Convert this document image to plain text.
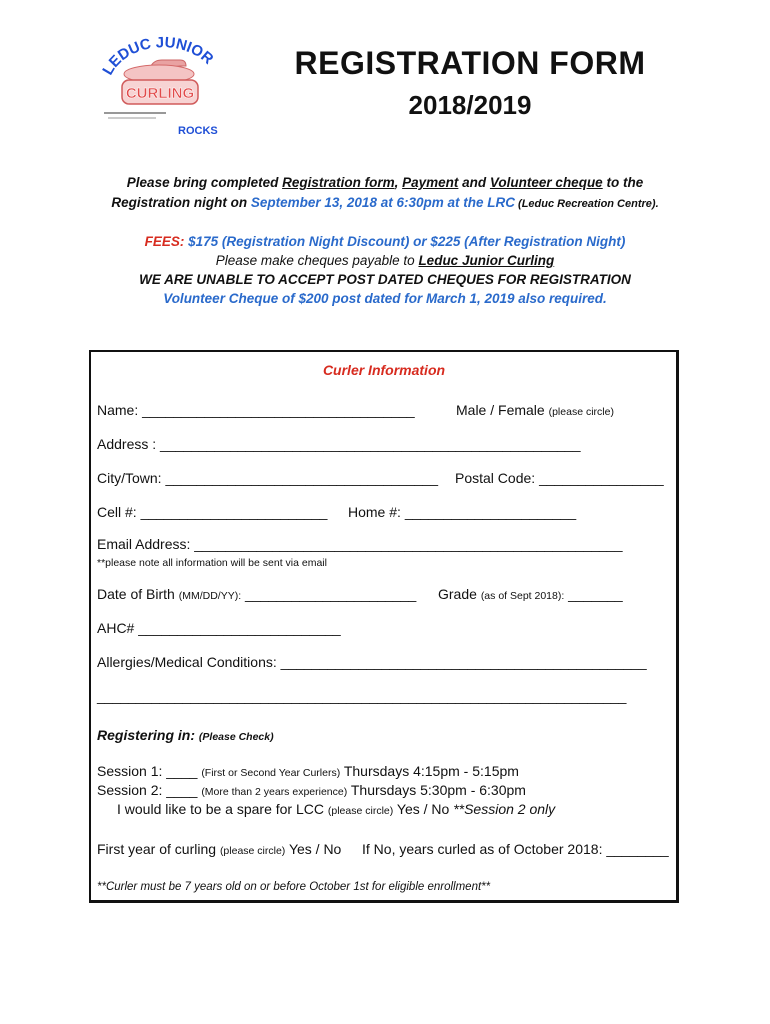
LEDUC JUNIOR
CURLING
ROCKS
REGISTRATION FORM
2018/2019
Please bring completed Registration form, Payment and Volunteer cheque to the
Registration night on September 13, 2018 at 6:30pm at the LRC (Leduc Recreation Centre).
FEES: $175 (Registration Night Discount) or $225 (After Registration Night)
Please make cheques payable to Leduc Junior Curling
WE ARE UNABLE TO ACCEPT POST DATED CHEQUES FOR REGISTRATION
Volunteer Cheque of $200 post dated for March 1, 2019 also required.
Curler Information
Name: ___________________________________	Male / Female (please circle)
Address : ______________________________________________________
City/Town: ___________________________________ Postal Code: ________________
Cell #: ________________________ Home #: ______________________
Email Address: _______________________________________________________
**please note all information will be sent via email
Date of Birth (MM/DD/YY): ______________________ Grade (as of Sept 2018): _______
AHC# __________________________
Allergies/Medical Conditions: _______________________________________________
____________________________________________________________________
Registering in: (Please Check)
Session 1: ____ (First or Second Year Curlers) Thursdays 4:15pm - 5:15pm
Session 2: ____ (More than 2 years experience) Thursdays 5:30pm - 6:30pm
I would like to be a spare for LCC (please circle) Yes / No **Session 2 only
First year of curling (please circle) Yes / No If No, years curled as of October 2018: ________
**Curler must be 7 years old on or before October 1st for eligible enrollment**
